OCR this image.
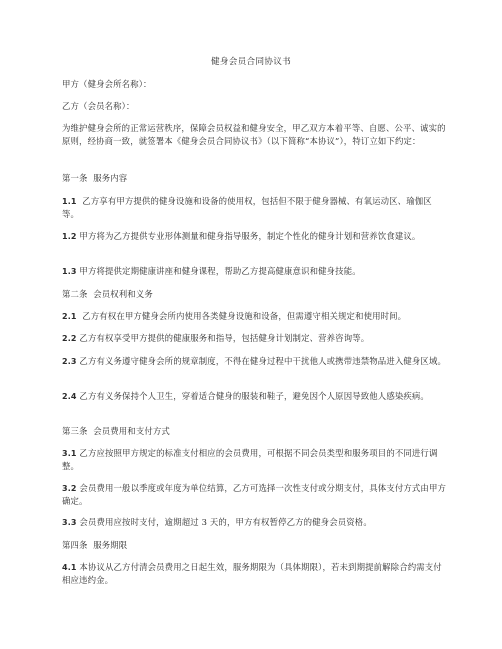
健身会员合同协议书
甲方（健身会所名称）：
乙方（会员名称）：
为维护健身会所的正常运营秩序，保障会员权益和健身安全，甲乙双方本着平等、自愿、公平、诚实的原则，经协商一致，就签署本《健身会员合同协议书》（以下简称“本协议”），特订立如下约定：
第一条  服务内容
1.1  乙方享有甲方提供的健身设施和设备的使用权，包括但不限于健身器械、有氧运动区、瑜伽区等。
1.2 甲方将为乙方提供专业形体测量和健身指导服务，制定个性化的健身计划和营养饮食建议。
1.3 甲方将提供定期健康讲座和健身课程，帮助乙方提高健康意识和健身技能。
第二条  会员权利和义务
2.1  乙方有权在甲方健身会所内使用各类健身设施和设备，但需遵守相关规定和使用时间。
2.2 乙方有权享受甲方提供的健康服务和指导，包括健身计划制定、营养咨询等。
2.3 乙方有义务遵守健身会所的规章制度，不得在健身过程中干扰他人或携带违禁物品进入健身区域。
2.4 乙方有义务保持个人卫生，穿着适合健身的服装和鞋子，避免因个人原因导致他人感染疾病。
第三条  会员费用和支付方式
3.1 乙方应按照甲方规定的标准支付相应的会员费用，可根据不同会员类型和服务项目的不同进行调整。
3.2 会员费用一般以季度或年度为单位结算，乙方可选择一次性支付或分期支付，具体支付方式由甲方确定。
3.3 会员费用应按时支付，逾期超过 3 天的，甲方有权暂停乙方的健身会员资格。
第四条  服务期限
4.1 本协议从乙方付清会员费用之日起生效，服务期限为（具体期限），若未到期提前解除合约需支付相应违约金。
